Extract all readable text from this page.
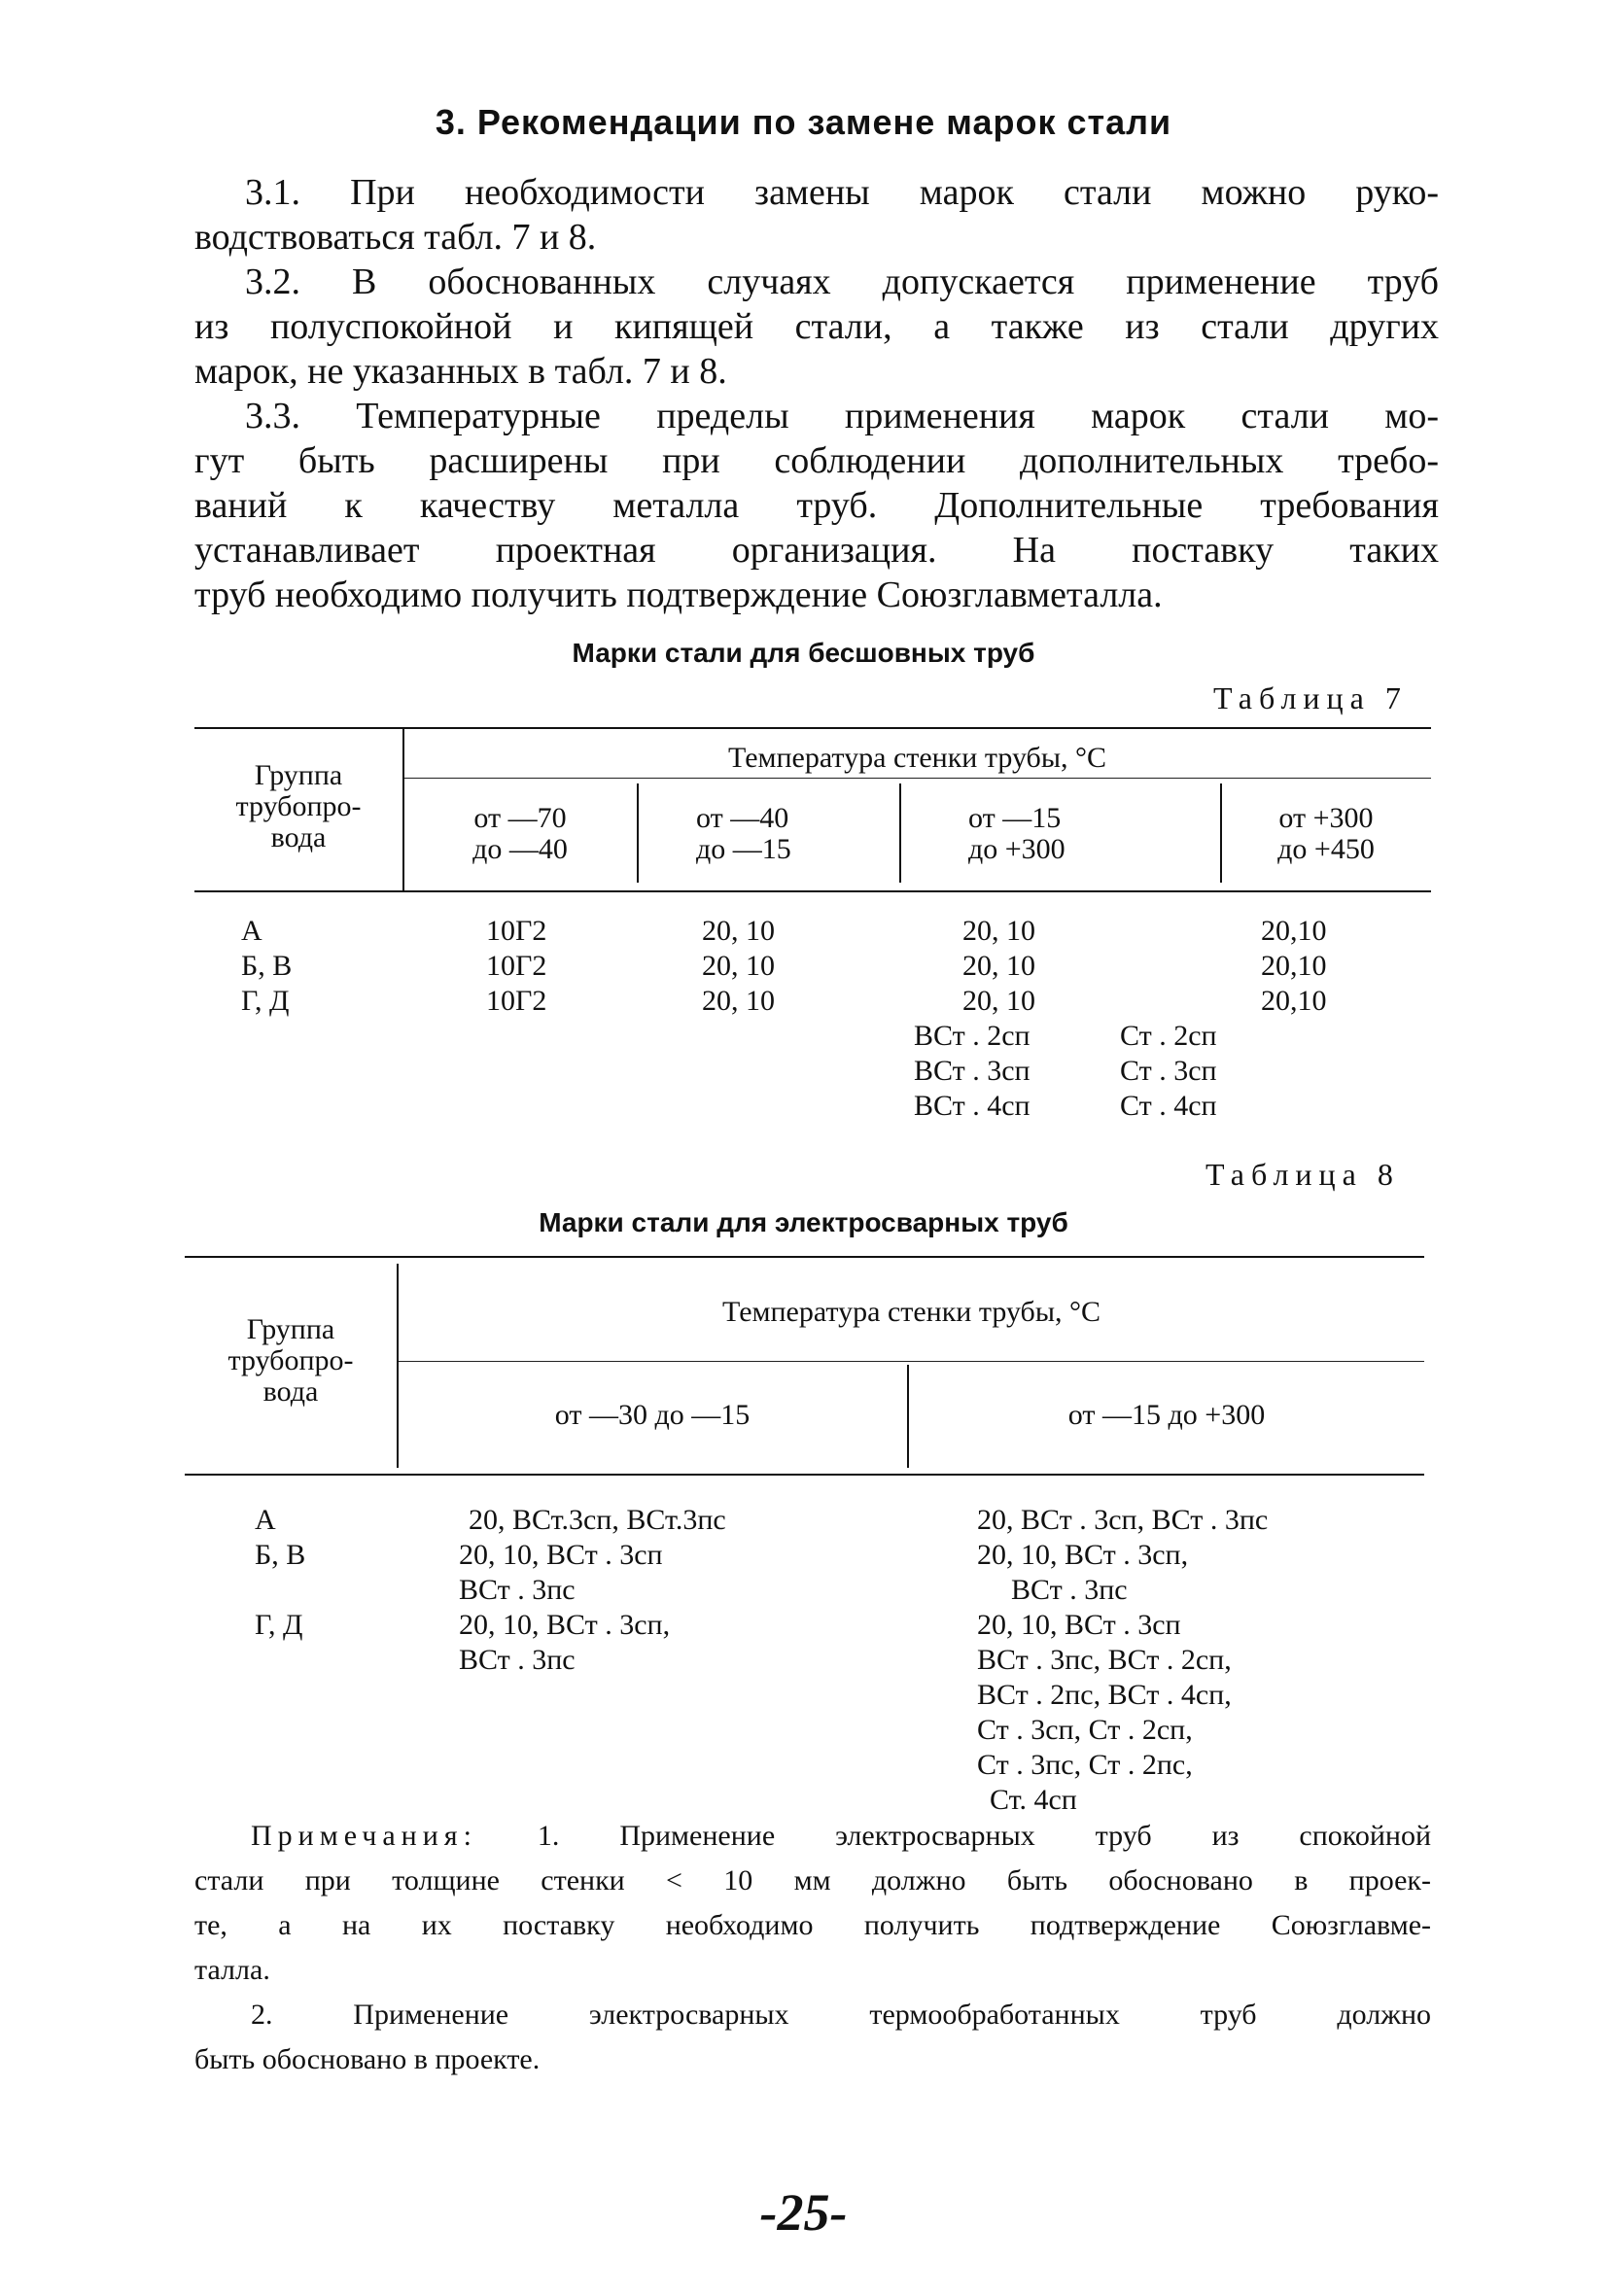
3. Рекомендации по замене марок стали
3.1. При необходимости замены марок стали можно руко-
водствоваться табл. 7 и 8.
3.2. В обоснованных случаях допускается применение труб
из полуспокойной и кипящей стали, а также из стали других
марок, не указанных в табл. 7 и 8.
3.3. Температурные пределы применения марок стали мо-
гут быть расширены при соблюдении дополнительных требо-
ваний к качеству металла труб. Дополнительные требования
устанавливает проектная организация. На поставку таких
труб необходимо получить подтверждение Союзглавметалла.
Марки стали для бесшовных труб
Таблица 7
Группа
трубопро-
вода
Температура стенки трубы, °С
от —70
до —40
от —40
до —15
от —15
до +300
от +300
до +450
А
Б, В
Г, Д
10Г2
10Г2
10Г2
20, 10
20, 10
20, 10
20, 10
20, 10
20, 10
20,10
20,10
20,10
ВСт . 2сп
ВСт . 3сп
ВСт . 4сп
Ст . 2сп
Ст . 3сп
Ст . 4сп
Таблица 8
Марки стали для электросварных труб
Группа
трубопро-
вода
Температура стенки трубы, °С
от —30 до —15	от —15 до +300
А
Б, В
Г, Д
20, ВСт.3сп, ВСт.3пс
20, 10, ВСт . 3сп
ВСт . 3пс
20, 10, ВСт . 3сп,
ВСт . 3пс
20, ВСт . 3сп, ВСт . 3пс
20, 10, ВСт . 3сп,
ВСт . 3пс
20, 10, ВСт . 3сп
ВСт . 3пс, ВСт . 2сп,
ВСт . 2пс, ВСт . 4сп,
Ст . 3сп, Ст . 2сп,
Ст . 3пс, Ст . 2пс,
Ст. 4сп
Примечания: 1. Применение электросварных труб из спокойной
стали при толщине стенки < 10 мм должно быть обосновано в проек-
те, а на их поставку необходимо получить подтверждение Союзглавме-
талла.
2. Применение электросварных термообработанных труб должно
быть обосновано в проекте.
-25-
